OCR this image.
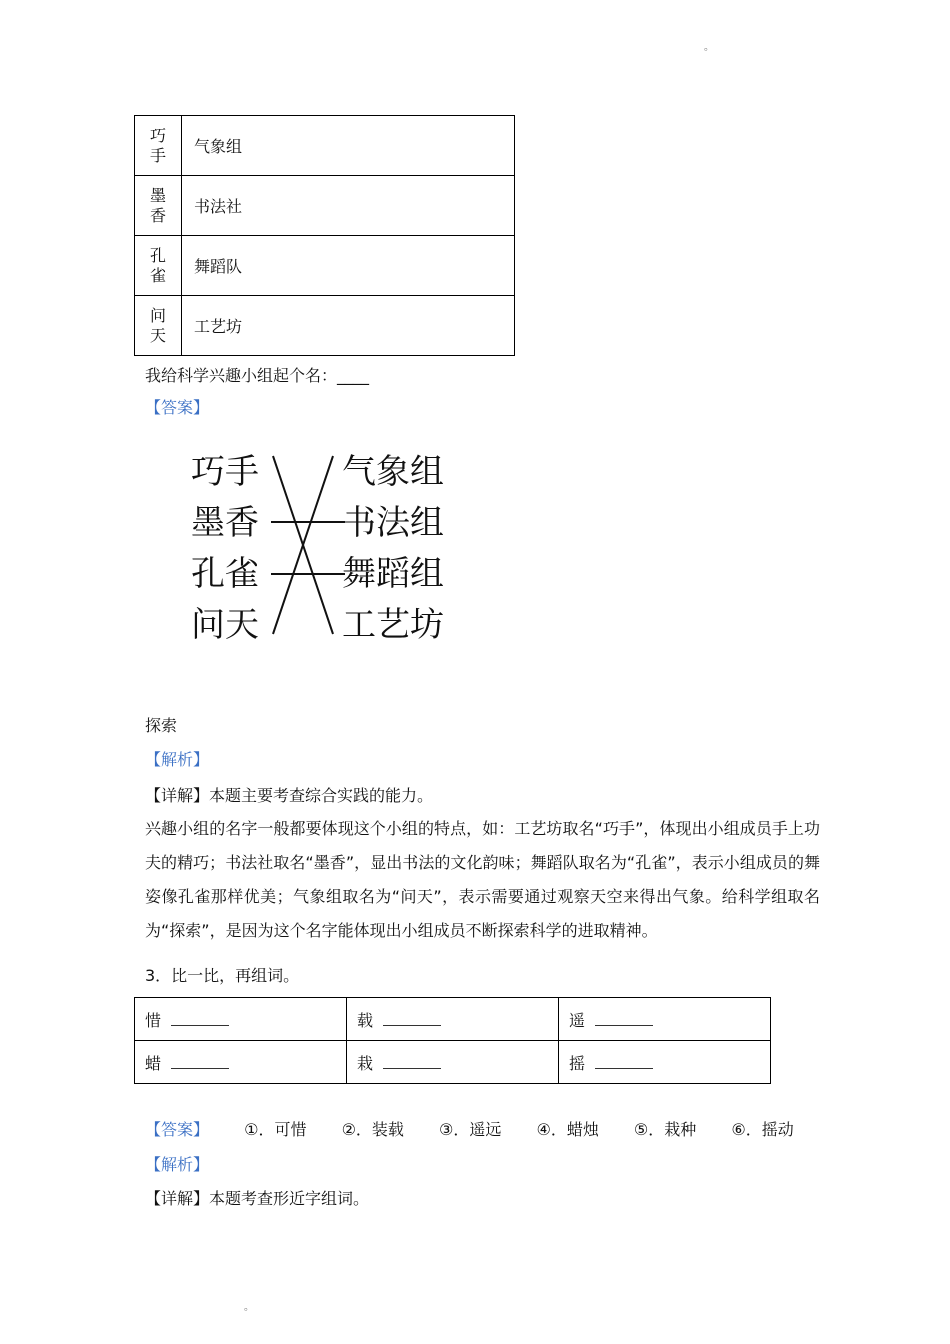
。
巧手	气象组

墨香	书法社

孔雀	舞蹈队

问天	工艺坊
我给科学兴趣小组起个名：____
【答案】
巧手
墨香
孔雀
问天
气象组
书法组
舞蹈组
工艺坊
探索
【解析】
【详解】本题主要考查综合实践的能力。
兴趣小组的名字一般都要体现这个小组的特点，如：工艺坊取名“巧手”，体现出小组成员手上功夫的精巧；书法社取名“墨香”，显出书法的文化韵味；舞蹈队取名为“孔雀”，表示小组成员的舞姿像孔雀那样优美；气象组取名为“问天”，表示需要通过观察天空来得出气象。给科学组取名为“探索”，是因为这个名字能体现出小组成员不断探索科学的进取精神。
3．比一比，再组词。
惜	载	遥
蜡	栽	摇
【答案】 ①．可惜 ②．装载 ③．遥远 ④．蜡烛 ⑤．栽种 ⑥．摇动
【解析】
【详解】本题考查形近字组词。
。
